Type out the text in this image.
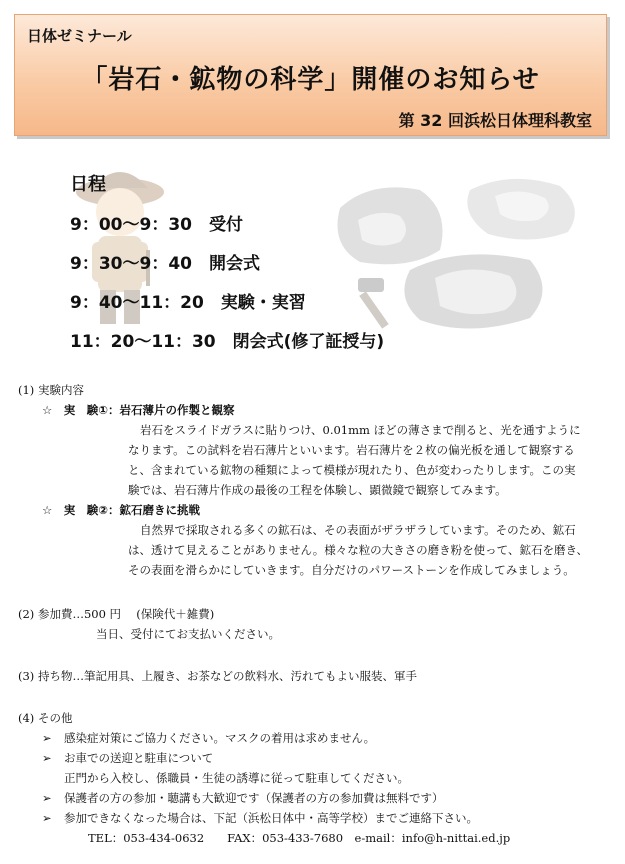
日体ゼミナール
「岩石・鉱物の科学」開催のお知らせ
第 32 回浜松日体理科教室
日程
9：00～9：30　受付
9：30～9：40　開会式
9：40～11：20　実験・実習
11：20～11：30　閉会式(修了証授与)
(1) 実験内容
☆　実　験①：岩石薄片の作製と観察
岩石をスライドガラスに貼りつけ、0.01mm ほどの薄さまで削ると、光を通すように
なります。この試料を岩石薄片といいます。岩石薄片を２枚の偏光板を通して観察する
と、含まれている鉱物の種類によって模様が現れたり、色が変わったりします。この実
験では、岩石薄片作成の最後の工程を体験し、顕微鏡で観察してみます。
☆　実　験②：鉱石磨きに挑戦
自然界で採取される多くの鉱石は、その表面がザラザラしています。そのため、鉱石
は、透けて見えることがありません。様々な粒の大きさの磨き粉を使って、鉱石を磨き、
その表面を滑らかにしていきます。自分だけのパワーストーンを作成してみましょう。
(2) 参加費…500 円　 (保険代＋雑費)
当日、受付にてお支払いください。
(3) 持ち物…筆記用具、上履き、お茶などの飲料水、汚れてもよい服装、軍手
(4) その他
➢ 感染症対策にご協力ください。マスクの着用は求めません。
➢ お車での送迎と駐車について
正門から入校し、係職員・生徒の誘導に従って駐車してください。
➢ 保護者の方の参加・聴講も大歓迎です（保護者の方の参加費は無料です）
➢ 参加できなくなった場合は、下記（浜松日体中・高等学校）までご連絡下さい。
TEL：053-434-0632　　FAX：053-433-7680　e-mail：info@h-nittai.ed.jp
